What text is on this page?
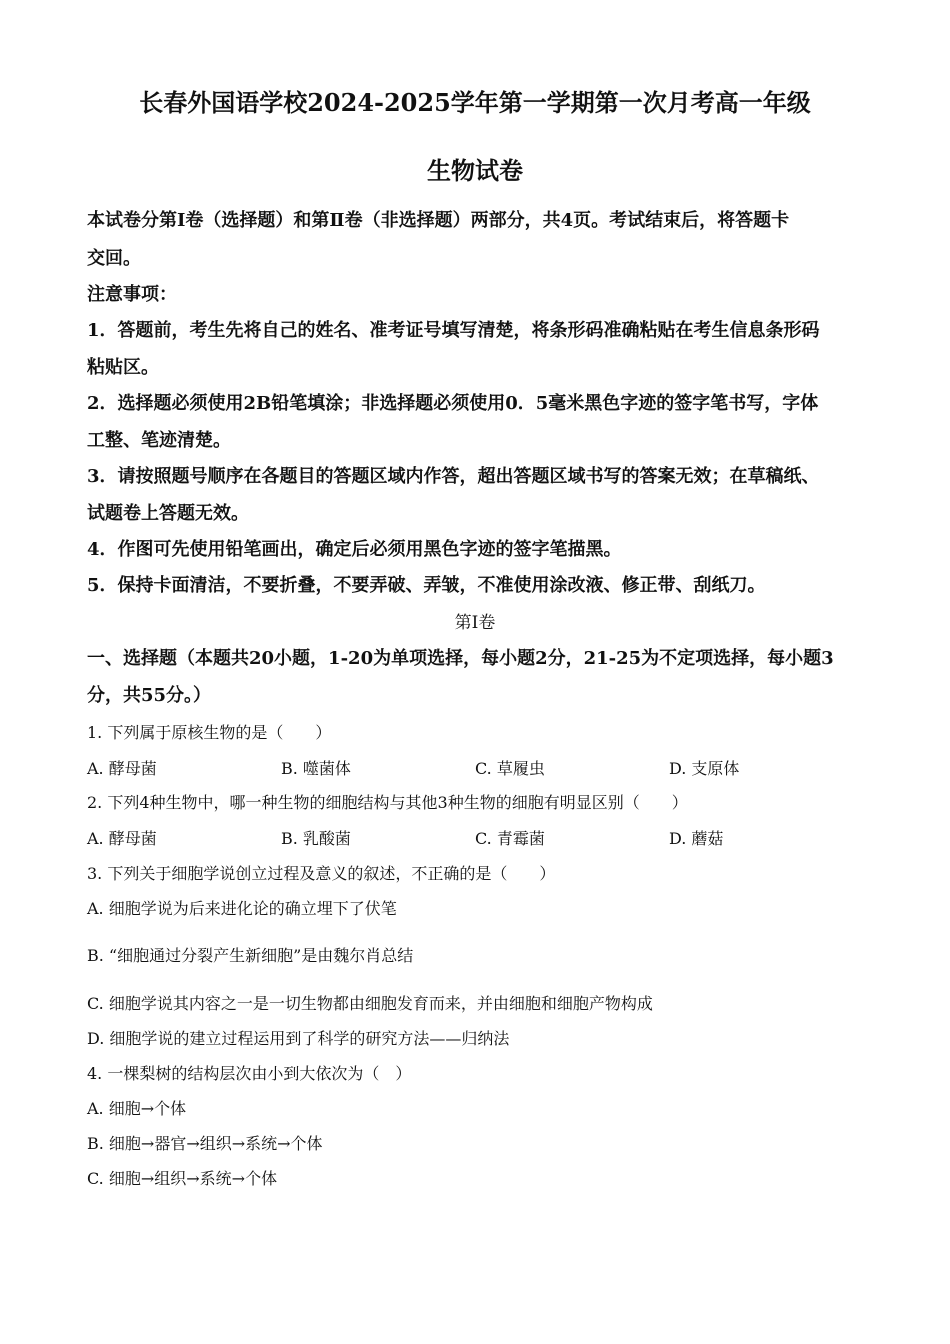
长春外国语学校2024-2025学年第一学期第一次月考高一年级
生物试卷
本试卷分第Ⅰ卷（选择题）和第Ⅱ卷（非选择题）两部分，共4页。考试结束后，将答题卡
交回。
注意事项：
1．答题前，考生先将自己的姓名、准考证号填写清楚，将条形码准确粘贴在考生信息条形码
粘贴区。
2．选择题必须使用2B铅笔填涂；非选择题必须使用0．5毫米黑色字迹的签字笔书写，字体
工整、笔迹清楚。
3．请按照题号顺序在各题目的答题区域内作答，超出答题区域书写的答案无效；在草稿纸、
试题卷上答题无效。
4．作图可先使用铅笔画出，确定后必须用黑色字迹的签字笔描黑。
5．保持卡面清洁，不要折叠，不要弄破、弄皱，不准使用涂改液、修正带、刮纸刀。
第Ⅰ卷
一、选择题（本题共20小题，1-20为单项选择，每小题2分，21-25为不定项选择，每小题3
分，共55分。）
1. 下列属于原核生物的是（　　）
A. 酵母菌	B. 噬菌体	C. 草履虫	D. 支原体
2. 下列4种生物中，哪一种生物的细胞结构与其他3种生物的细胞有明显区别（　　）
A. 酵母菌	B. 乳酸菌	C. 青霉菌	D. 蘑菇
3. 下列关于细胞学说创立过程及意义的叙述，不正确的是（　　）
A. 细胞学说为后来进化论的确立埋下了伏笔
B. “细胞通过分裂产生新细胞”是由魏尔肖总结
C. 细胞学说其内容之一是一切生物都由细胞发育而来，并由细胞和细胞产物构成
D. 细胞学说的建立过程运用到了科学的研究方法——归纳法
4. 一棵梨树的结构层次由小到大依次为（　）
A. 细胞→个体
B. 细胞→器官→组织→系统→个体
C. 细胞→组织→系统→个体
